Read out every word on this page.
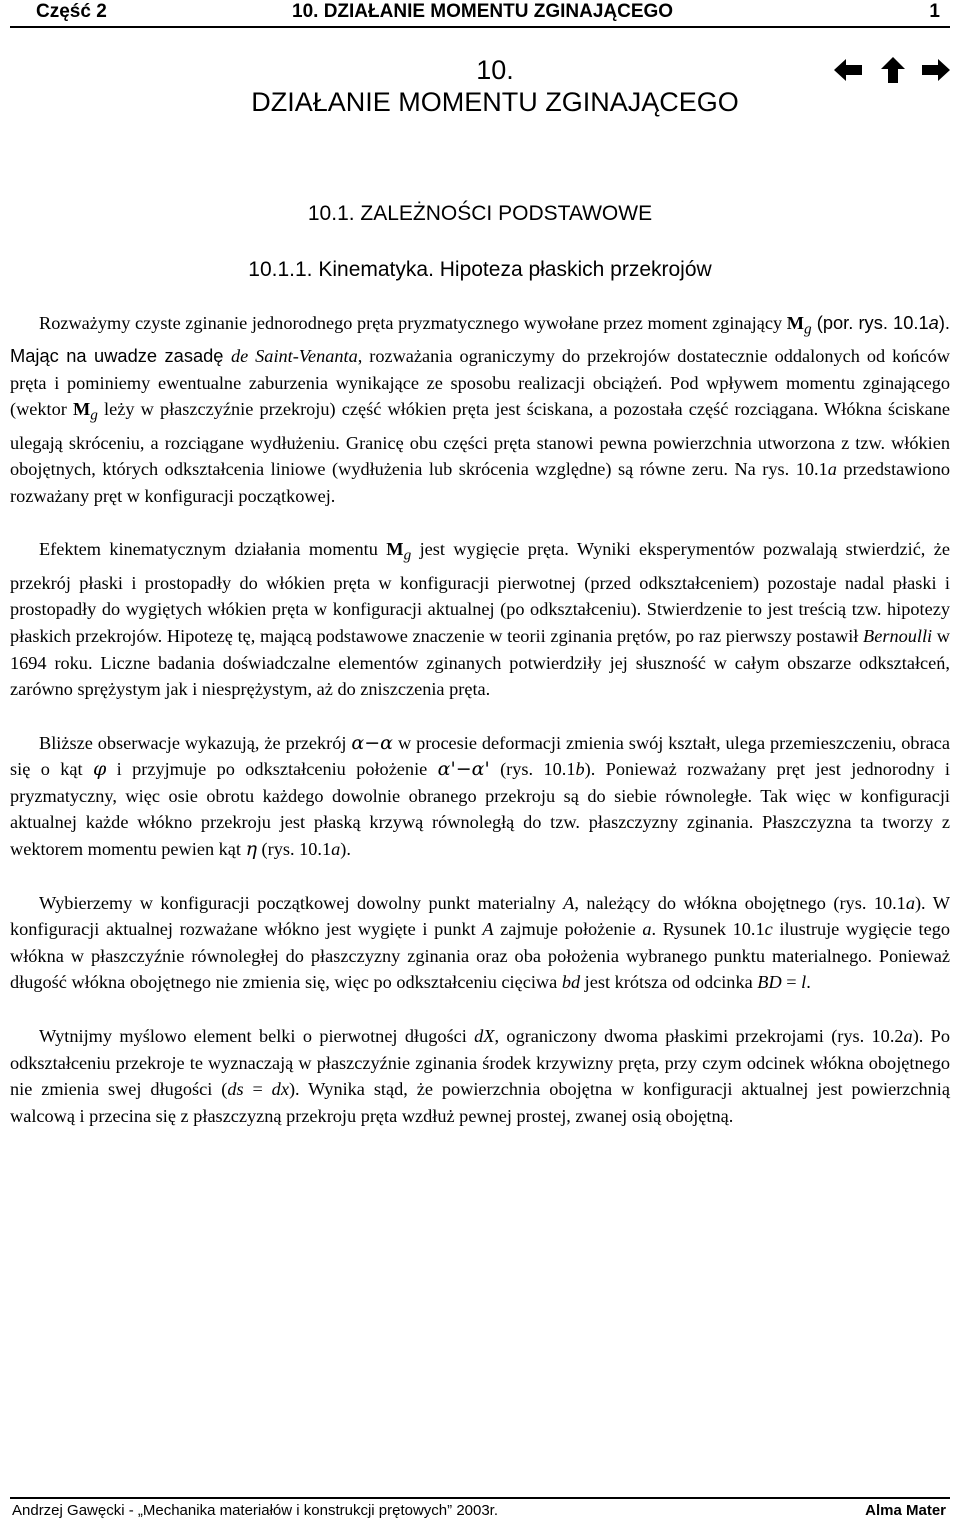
Część 2	10. DZIAŁANIE MOMENTU ZGINAJĄCEGO	1
10.
DZIAŁANIE MOMENTU ZGINAJĄCEGO
10.1. ZALEŻNOŚCI PODSTAWOWE
10.1.1. Kinematyka. Hipoteza płaskich przekrojów

Rozważymy czyste zginanie jednorodnego pręta pryzmatycznego wywołane przez moment zginający $M_g$ (por. rys. 10.1a). Mając na uwadze zasadę de Saint-Venanta, rozważania ograniczymy do przekrojów dostatecznie oddalonych od końców pręta i pominiemy ewentualne zaburzenia wynikające ze sposobu realizacji obciążeń. Pod wpływem momentu zginającego (wektor $M_g$ leży w płaszczyźnie przekroju) część włókien pręta jest ściskana, a pozostała część rozciągana. Włókna ściskane ulegają skróceniu, a rozciągane wydłużeniu. Granicę obu części pręta stanowi pewna powierzchnia utworzona z tzw. włókien obojętnych, których odkształcenia liniowe (wydłużenia lub skrócenia względne) są równe zeru. Na rys. 10.1a przedstawiono rozważany pręt w konfiguracji początkowej.

Efektem kinematycznym działania momentu $M_g$ jest wygięcie pręta. Wyniki eksperymentów pozwalają stwierdzić, że przekrój płaski i prostopadły do włókien pręta w konfiguracji pierwotnej (przed odkształceniem) pozostaje nadal płaski i prostopadły do wygiętych włókien pręta w konfiguracji aktualnej (po odkształceniu). Stwierdzenie to jest treścią tzw. hipotezy płaskich przekrojów. Hipotezę tę, mającą podstawowe znaczenie w teorii zginania prętów, po raz pierwszy postawił Bernoulli w 1694 roku. Liczne badania doświadczalne elementów zginanych potwierdziły jej słuszność w całym obszarze odkształceń, zarówno sprężystym jak i niesprężystym, aż do zniszczenia pręta.

Bliższe obserwacje wykazują, że przekrój α−α w procesie deformacji zmienia swój kształt, ulega przemieszczeniu, obraca się o kąt φ i przyjmuje po odkształceniu położenie α'−α' (rys. 10.1b). Ponieważ rozważany pręt jest jednorodny i pryzmatyczny, więc osie obrotu każdego dowolnie obranego przekroju są do siebie równoległe. Tak więc w konfiguracji aktualnej każde włókno przekroju jest płaską krzywą równoległą do tzw. płaszczyzny zginania. Płaszczyzna ta tworzy z wektorem momentu pewien kąt η (rys. 10.1a).

Wybierzemy w konfiguracji początkowej dowolny punkt materialny A, należący do włókna obojętnego (rys. 10.1a). W konfiguracji aktualnej rozważane włókno jest wygięte i punkt A zajmuje położenie a. Rysunek 10.1c ilustruje wygięcie tego włókna w płaszczyźnie równoległej do płaszczyzny zginania oraz oba położenia wybranego punktu materialnego. Ponieważ długość włókna obojętnego nie zmienia się, więc po odkształceniu cięciwa bd jest krótsza od odcinka BD = l.

Wytnijmy myślowo element belki o pierwotnej długości dX, ograniczony dwoma płaskimi przekrojami (rys. 10.2a). Po odkształceniu przekroje te wyznaczają w płaszczyźnie zginania środek krzywizny pręta, przy czym odcinek włókna obojętnego nie zmienia swej długości (ds = dx). Wynika stąd, że powierzchnia obojętna w konfiguracji aktualnej jest powierzchnią walcową i przecina się z płaszczyzną przekroju pręta wzdłuż pewnej prostej, zwanej osią obojętną.

Andrzej Gawęcki - „Mechanika materiałów i konstrukcji prętowych” 2003r.	Alma Mater
